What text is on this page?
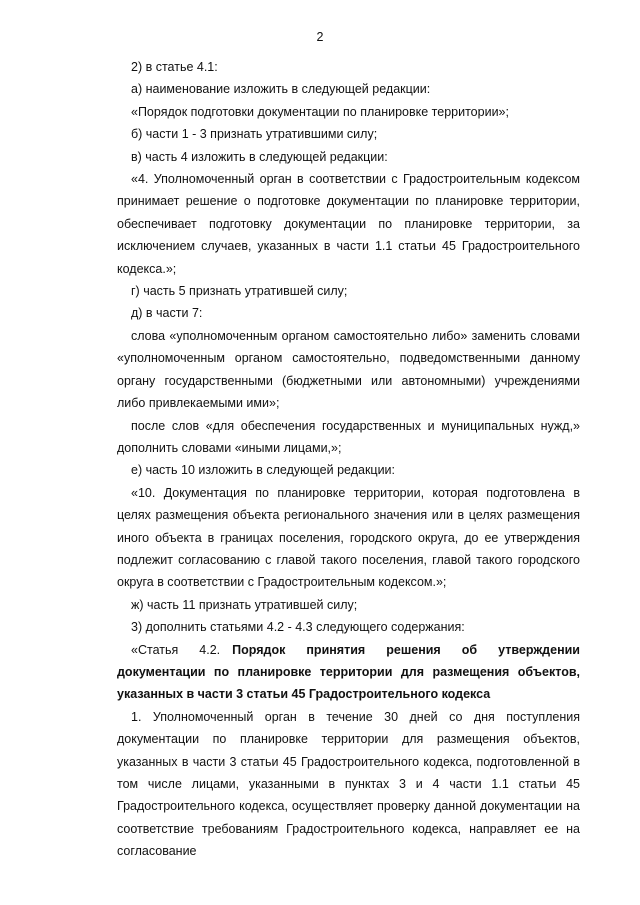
2

2) в статье 4.1:

а) наименование изложить в следующей редакции:

«Порядок подготовки документации по планировке территории»;

б) части 1 - 3 признать утратившими силу;

в) часть 4 изложить в следующей редакции:

«4. Уполномоченный орган в соответствии с Градостроительным кодексом принимает решение о подготовке документации по планировке территории, обеспечивает подготовку документации по планировке территории, за исключением случаев, указанных в части 1.1 статьи 45 Градостроительного кодекса.»;

г) часть 5 признать утратившей силу;

д) в части 7:

слова «уполномоченным органом самостоятельно либо» заменить словами «уполномоченным органом самостоятельно, подведомственными данному органу государственными (бюджетными или автономными) учреждениями либо привлекаемыми ими»;

после слов «для обеспечения государственных и муниципальных нужд,» дополнить словами «иными лицами,»;

е) часть 10 изложить в следующей редакции:

«10. Документация по планировке территории, которая подготовлена в целях размещения объекта регионального значения или в целях размещения иного объекта в границах поселения, городского округа, до ее утверждения подлежит согласованию с главой такого поселения, главой такого городского округа в соответствии с Градостроительным кодексом.»;

ж) часть 11 признать утратившей силу;

3) дополнить статьями 4.2 - 4.3 следующего содержания:

«Статья 4.2. Порядок принятия решения об утверждении документации по планировке территории для размещения объектов, указанных в части 3 статьи 45 Градостроительного кодекса

1. Уполномоченный орган в течение 30 дней со дня поступления документации по планировке территории для размещения объектов, указанных в части 3 статьи 45 Градостроительного кодекса, подготовленной в том числе лицами, указанными в пунктах 3 и 4 части 1.1 статьи 45 Градостроительного кодекса, осуществляет проверку данной документации на соответствие требованиям Градостроительного кодекса, направляет ее на согласование
